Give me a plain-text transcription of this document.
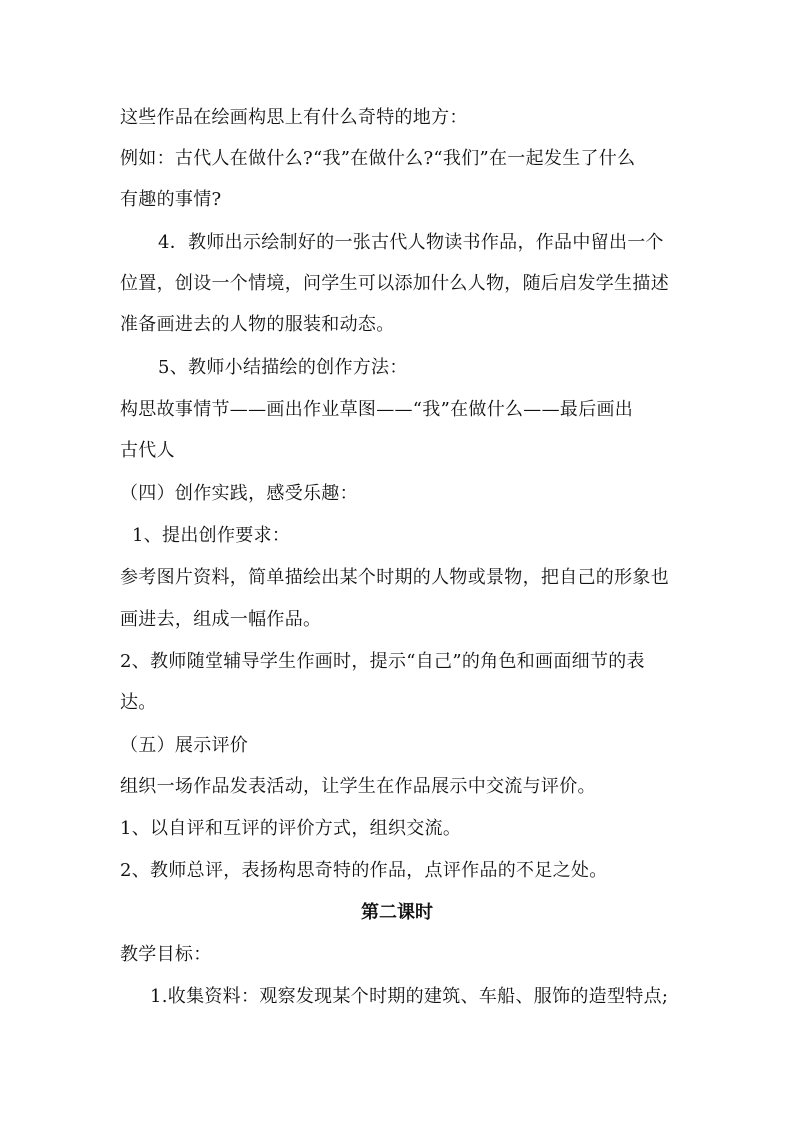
这些作品在绘画构思上有什么奇特的地方：
例如：古代人在做什么?“我”在做什么?“我们”在一起发生了什么
有趣的事情?
4．教师出示绘制好的一张古代人物读书作品，作品中留出一个
位置，创设一个情境，问学生可以添加什么人物，随后启发学生描述
准备画进去的人物的服装和动态。
5、教师小结描绘的创作方法：
构思故事情节——画出作业草图——“我”在做什么——最后画出
古代人
（四）创作实践，感受乐趣：
1、提出创作要求：
参考图片资料，简单描绘出某个时期的人物或景物，把自己的形象也
画进去，组成一幅作品。
2、教师随堂辅导学生作画时，提示“自己”的角色和画面细节的表
达。
（五）展示评价
组织一场作品发表活动，让学生在作品展示中交流与评价。
1、以自评和互评的评价方式，组织交流。
2、教师总评，表扬构思奇特的作品，点评作品的不足之处。
第二课时
教学目标：
1.收集资料：观察发现某个时期的建筑、车船、服饰的造型特点;
